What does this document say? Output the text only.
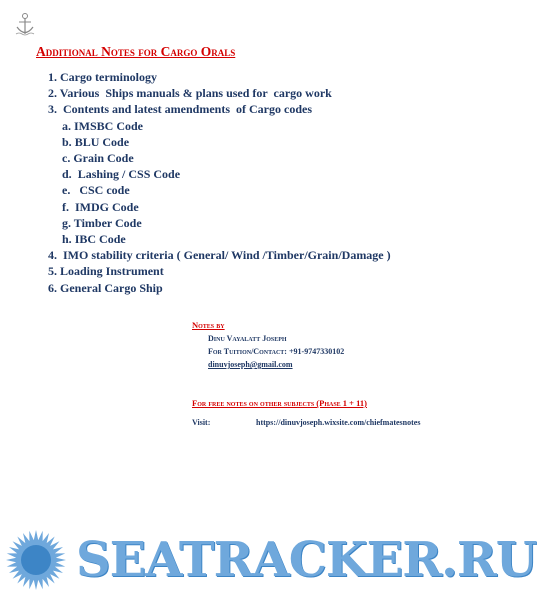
Additional Notes for Cargo Orals
1. Cargo terminology
2. Various  Ships manuals & plans used for  cargo work
3.  Contents and latest amendments  of Cargo codes
a. IMSBC Code
b. BLU Code
c. Grain Code
d.  Lashing / CSS Code
e.   CSC code
f.  IMDG Code
g. Timber Code
h. IBC Code
4.  IMO stability criteria ( General/ Wind /Timber/Grain/Damage )
5. Loading Instrument
6. General Cargo Ship
Notes by
Dinu Vayalatt Joseph
For Tuition/Contact: +91-9747330102
dinuvjoseph@gmail.com
For free notes on other subjects (Phase 1 + 11)
Visit:	https://dinuvjoseph.wixsite.com/chiefmatesnotes
SEATRACKER.RU
